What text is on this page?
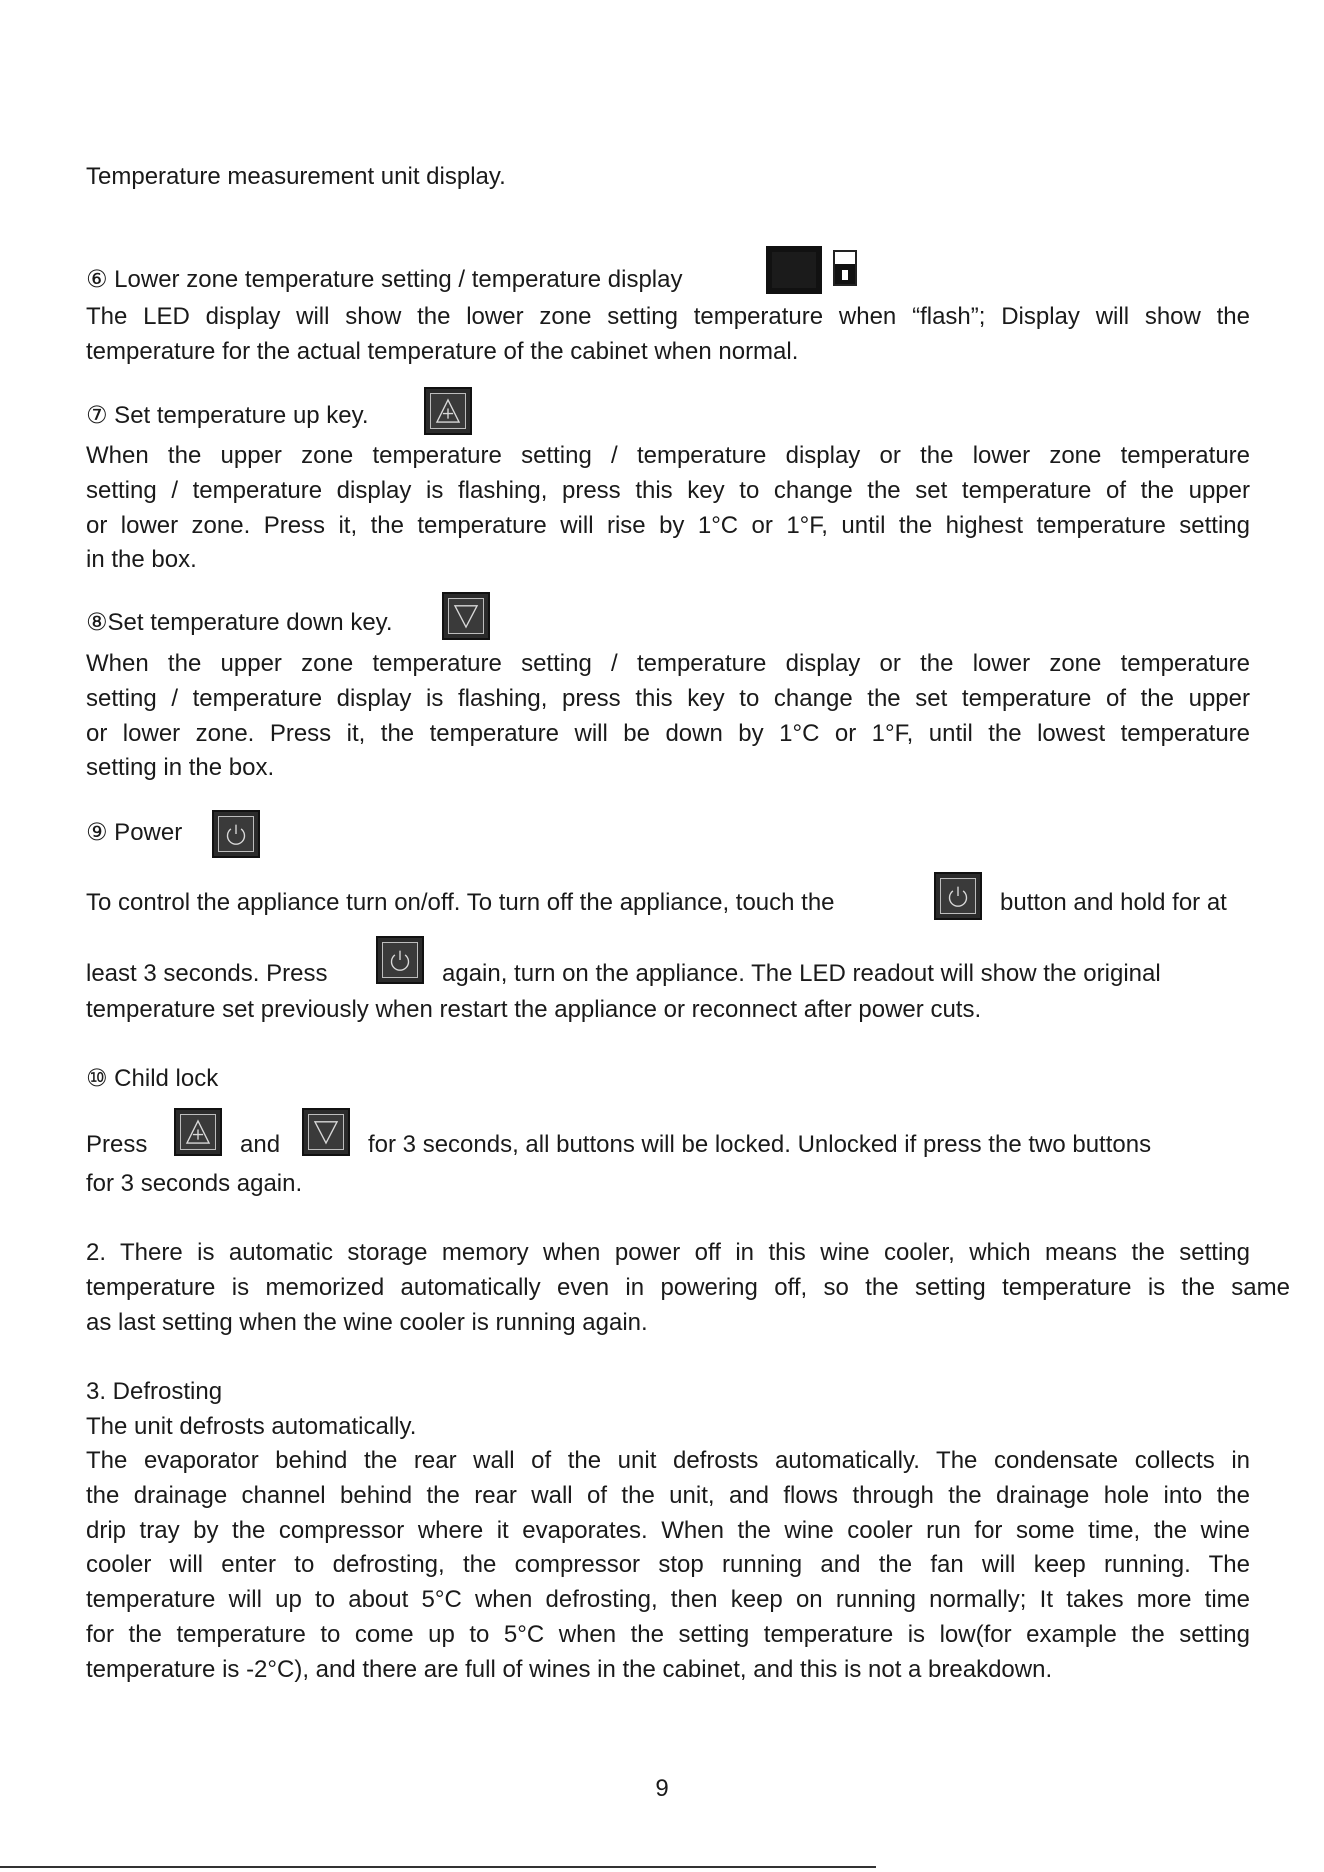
Temperature measurement unit display.
⑥ Lower zone temperature setting / temperature display
The LED display will show the lower zone setting temperature when “flash”; Display will show the
temperature for the actual temperature of the cabinet when normal.
⑦ Set temperature up key.
When the upper zone temperature setting / temperature display or the lower zone temperature
setting / temperature display is flashing, press this key to change the set temperature of the upper
or lower zone. Press it, the temperature will rise by 1°C or 1°F, until the highest temperature setting
in the box.
⑧Set temperature down key.
When the upper zone temperature setting / temperature display or the lower zone temperature
setting / temperature display is flashing, press this key to change the set temperature of the upper
or lower zone. Press it, the temperature will be down by 1°C or 1°F, until the lowest temperature
setting in the box.
⑨ Power
To control the appliance turn on/off. To turn off the appliance, touch the	button and hold for at
least 3 seconds. Press	again, turn on the appliance. The LED readout will show the original
temperature set previously when restart the appliance or reconnect after power cuts.
⑩ Child lock
Press	and	for 3 seconds, all buttons will be locked. Unlocked if press the two buttons
for 3 seconds again.
2. There is automatic storage memory when power off in this wine cooler, which means the setting
temperature is memorized automatically even in powering off, so the setting temperature is the same
as last setting when the wine cooler is running again.
3. Defrosting
The unit defrosts automatically.
The evaporator behind the rear wall of the unit defrosts automatically. The condensate collects in
the drainage channel behind the rear wall of the unit, and flows through the drainage hole into the
drip tray by the compressor where it evaporates. When the wine cooler run for some time, the wine
cooler will enter to defrosting, the compressor stop running and the fan will keep running. The
temperature will up to about 5°C when defrosting, then keep on running normally; It takes more time
for the temperature to come up to 5°C when the setting temperature is low(for example the setting
temperature is -2°C), and there are full of wines in the cabinet, and this is not a breakdown.
9
